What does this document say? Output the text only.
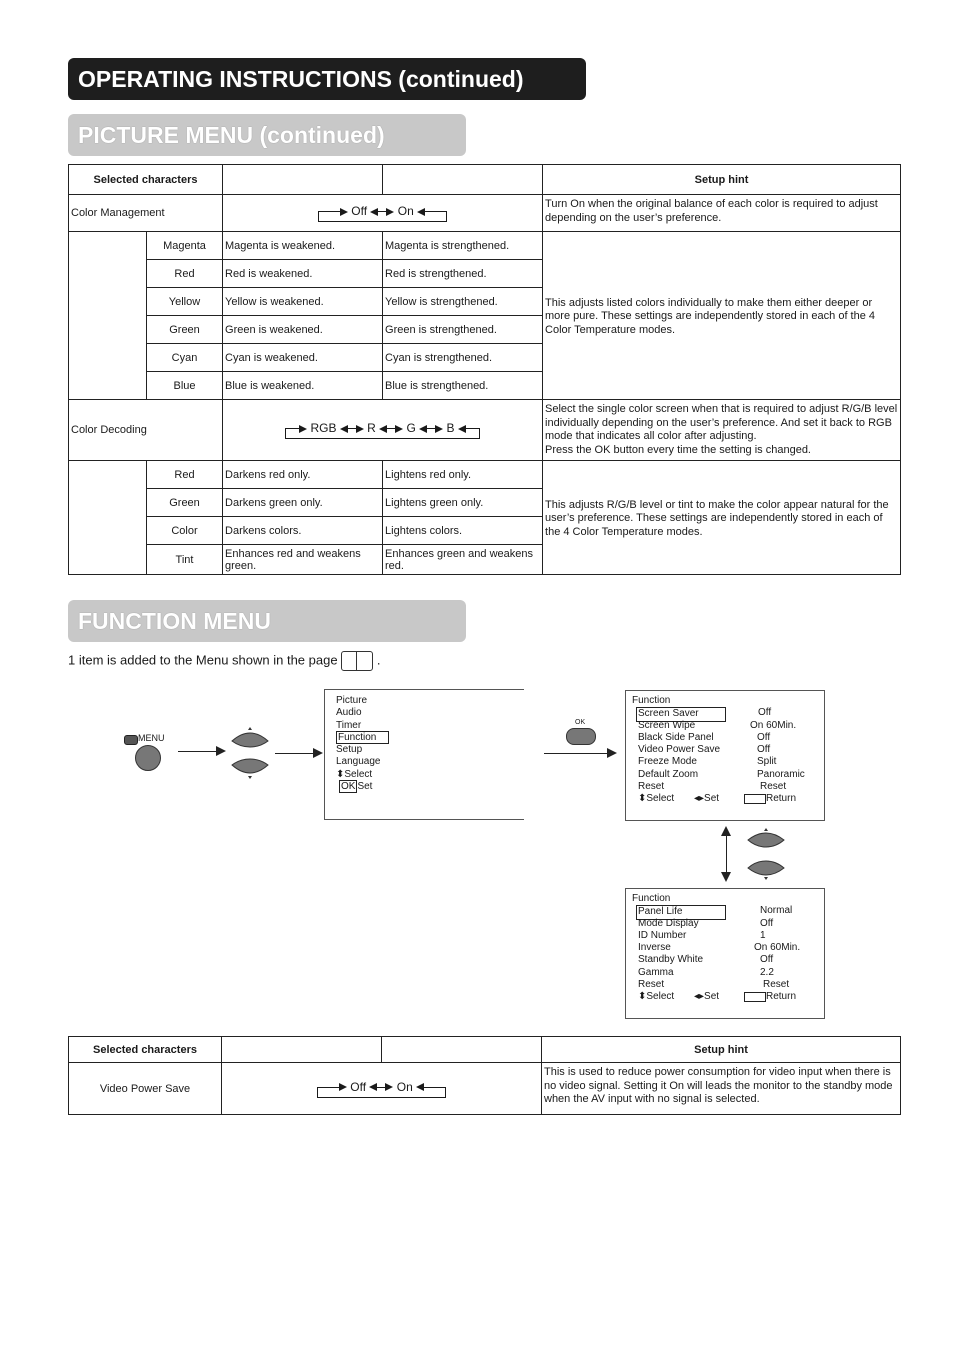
OPERATING INSTRUCTIONS (continued)
PICTURE MENU (continued)
Selected characters				Setup hint
Color Management		Off On		Turn On when the original balance of each color is required to adjust depending on the user’s preference.
	Magenta	Magenta is weakened.	Magenta is strengthened.	This adjusts listed colors individually to make them either deeper or more pure. These settings are independently stored in each of the 4 Color Temperature modes.
	Red	Red is weakened.	Red is strengthened.	
	Yellow	Yellow is weakened.	Yellow is strengthened.	
	Green	Green is weakened.	Green is strengthened.	
	Cyan	Cyan is weakened.	Cyan is strengthened.	
	Blue	Blue is weakened.	Blue is strengthened.	
Color Decoding		RGB R G B		Select the single color screen when that is required to adjust R/G/B level individually depending on the user’s preference. And set it back to RGB mode that indicates all color after adjusting.
Press the OK button every time the setting is changed.
	Red	Darkens red only.	Lightens red only.	This adjusts R/G/B level or tint to make the color appear natural for the user’s preference. These settings are independently stored in each of the 4 Color Temperature modes.
	Green	Darkens green only.	Lightens green only.	
	Color	Darkens colors.	Lightens colors.	
	Tint	Enhances red and weakens green.	Enhances green and weakens red.	
FUNCTION MENU
1 item is added to the Menu shown in the page	.
MENU
Picture
Audio
Timer
Function
Setup
Language
⬍Select
OK Set
OK
Function
Screen Saver	Off
Screen Wipe	On 60Min.
Black Side Panel	Off
Video Power Save	Off
Freeze Mode	Split
Default Zoom	Panoramic
Reset	Reset
⬍Select ◂▸Set	Return
Function
Panel Life	Normal
Mode Display	Off
ID Number	1
Inverse	On 60Min.
Standby White	Off
Gamma	2.2
Reset	Reset
⬍Select ◂▸Set	Return
Selected characters			Setup hint
Video Power Save	Off On		This is used to reduce power consumption for video input when there is no video signal. Setting it On will leads the monitor to the standby mode when the AV input with no signal is selected.
